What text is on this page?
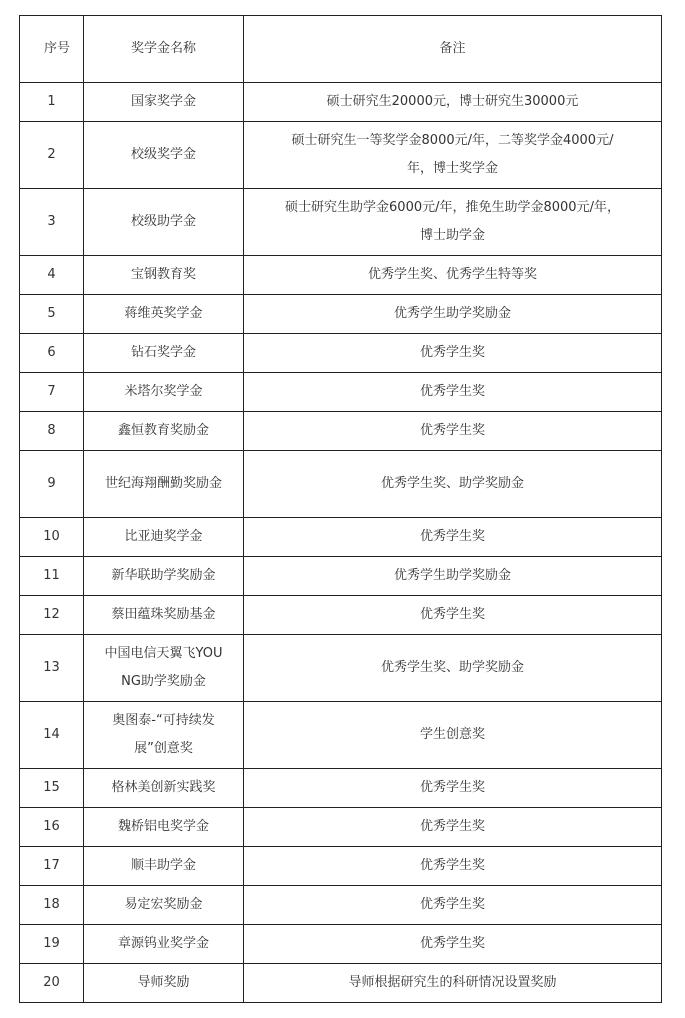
序号	奖学金名称	备注
1	国家奖学金	硕士研究生20000元，博士研究生30000元
2	校级奖学金	硕士研究生一等奖学金8000元/年，二等奖学金4000元/年，博士奖学金
3	校级助学金	硕士研究生助学金6000元/年，推免生助学金8000元/年，博士助学金
4	宝钢教育奖	优秀学生奖、优秀学生特等奖
5	蒋维英奖学金	优秀学生助学奖励金
6	钻石奖学金	优秀学生奖
7	米塔尔奖学金	优秀学生奖
8	鑫恒教育奖励金	优秀学生奖
9	世纪海翔酬勤奖励金	优秀学生奖、助学奖励金
10	比亚迪奖学金	优秀学生奖
11	新华联助学奖励金	优秀学生助学奖励金
12	蔡田蕴珠奖励基金	优秀学生奖
13	中国电信天翼飞YOUNG助学奖励金	优秀学生奖、助学奖励金
14	奥图泰-“可持续发展”创意奖	学生创意奖
15	格林美创新实践奖	优秀学生奖
16	魏桥铝电奖学金	优秀学生奖
17	顺丰助学金	优秀学生奖
18	易定宏奖励金	优秀学生奖
19	章源钨业奖学金	优秀学生奖
20	导师奖励	导师根据研究生的科研情况设置奖励
